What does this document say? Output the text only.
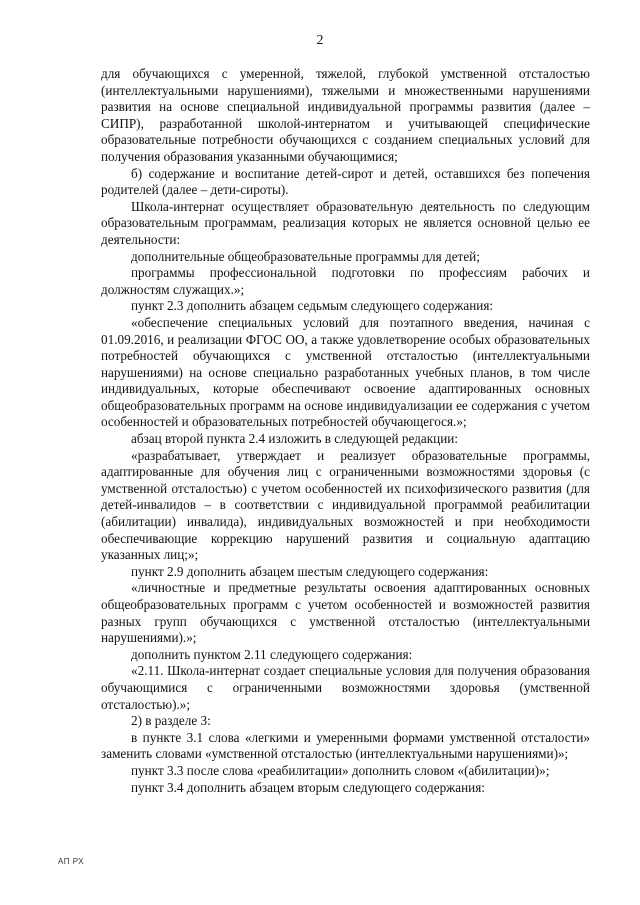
2

для обучающихся с умеренной, тяжелой, глубокой умственной отсталостью (интеллектуальными нарушениями), тяжелыми и множественными нарушениями развития на основе специальной индивидуальной программы развития (далее – СИПР), разработанной школой-интернатом и учитывающей специфические образовательные потребности обучающихся с созданием специальных условий для получения образования указанными обучающимися;

б) содержание и воспитание детей-сирот и детей, оставшихся без попечения родителей (далее – дети-сироты).

Школа-интернат осуществляет образовательную деятельность по следующим образовательным программам, реализация которых не является основной целью ее деятельности:

дополнительные общеобразовательные программы для детей;

программы профессиональной подготовки по профессиям рабочих и должностям служащих.»;

пункт 2.3 дополнить абзацем седьмым следующего содержания:

«обеспечение специальных условий для поэтапного введения, начиная с 01.09.2016, и реализации ФГОС ОО, а также удовлетворение особых образовательных потребностей обучающихся с умственной отсталостью (интеллектуальными нарушениями) на основе специально разработанных учебных планов, в том числе индивидуальных, которые обеспечивают освоение адаптированных основных общеобразовательных программ на основе индивидуализации ее содержания с учетом особенностей и образовательных потребностей обучающегося.»;

абзац второй пункта 2.4 изложить в следующей редакции:

«разрабатывает, утверждает и реализует образовательные программы, адаптированные для обучения лиц с ограниченными возможностями здоровья (с умственной отсталостью) с учетом особенностей их психофизического развития (для детей-инвалидов – в соответствии с индивидуальной программой реабилитации (абилитации) инвалида), индивидуальных возможностей и при необходимости обеспечивающие коррекцию нарушений развития и социальную адаптацию указанных лиц;»;

пункт 2.9 дополнить абзацем шестым следующего содержания:

«личностные и предметные результаты освоения адаптированных основных общеобразовательных программ с учетом особенностей и возможностей развития разных групп обучающихся с умственной отсталостью (интеллектуальными нарушениями).»;

дополнить пунктом 2.11 следующего содержания:

«2.11. Школа-интернат создает специальные условия для получения образования обучающимися с ограниченными возможностями здоровья (умственной отсталостью).»;

2) в разделе 3:

в пункте 3.1 слова «легкими и умеренными формами умственной отсталости» заменить словами «умственной отсталостью (интеллектуальными нарушениями)»;

пункт 3.3 после слова «реабилитации» дополнить словом «(абилитации)»;

пункт 3.4 дополнить абзацем вторым следующего содержания:

АП РХ
